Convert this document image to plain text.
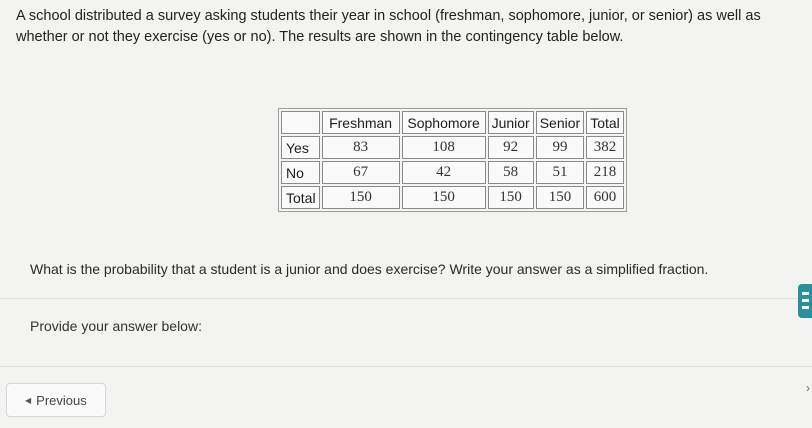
A school distributed a survey asking students their year in school (freshman, sophomore, junior, or senior) as well as
whether or not they exercise (yes or no). The results are shown in the contingency table below.
	Freshman	Sophomore	Junior	Senior	Total
Yes	83	108	92	99	382
No	67	42	58	51	218
Total	150	150	150	150	600
What is the probability that a student is a junior and does exercise? Write your answer as a simplified fraction.
Provide your answer below:
◀ Previous
›
